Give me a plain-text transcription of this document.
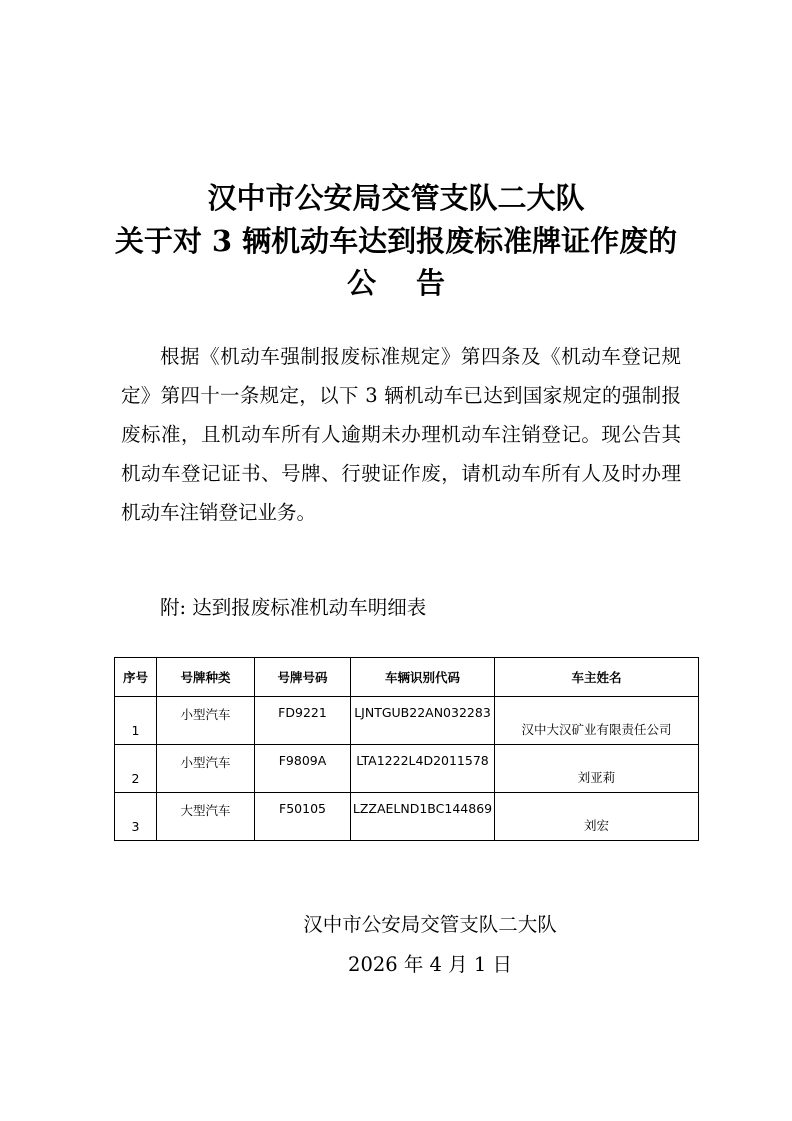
汉中市公安局交管支队二大队
关于对 3 辆机动车达到报废标准牌证作废的
公告
根据《机动车强制报废标准规定》第四条及《机动车登记规定》第四十一条规定，以下 3 辆机动车已达到国家规定的强制报废标准，且机动车所有人逾期未办理机动车注销登记。现公告其机动车登记证书、号牌、行驶证作废，请机动车所有人及时办理机动车注销登记业务。
附: 达到报废标准机动车明细表
序号	号牌种类	号牌号码	车辆识别代码	车主姓名
1	小型汽车	FD9221	LJNTGUB22AN032283	汉中大汉矿业有限责任公司
2	小型汽车	F9809A	LTA1222L4D2011578	刘亚莉
3	大型汽车	F50105	LZZAELND1BC144869	刘宏
汉中市公安局交管支队二大队
2026 年 4 月 1 日
